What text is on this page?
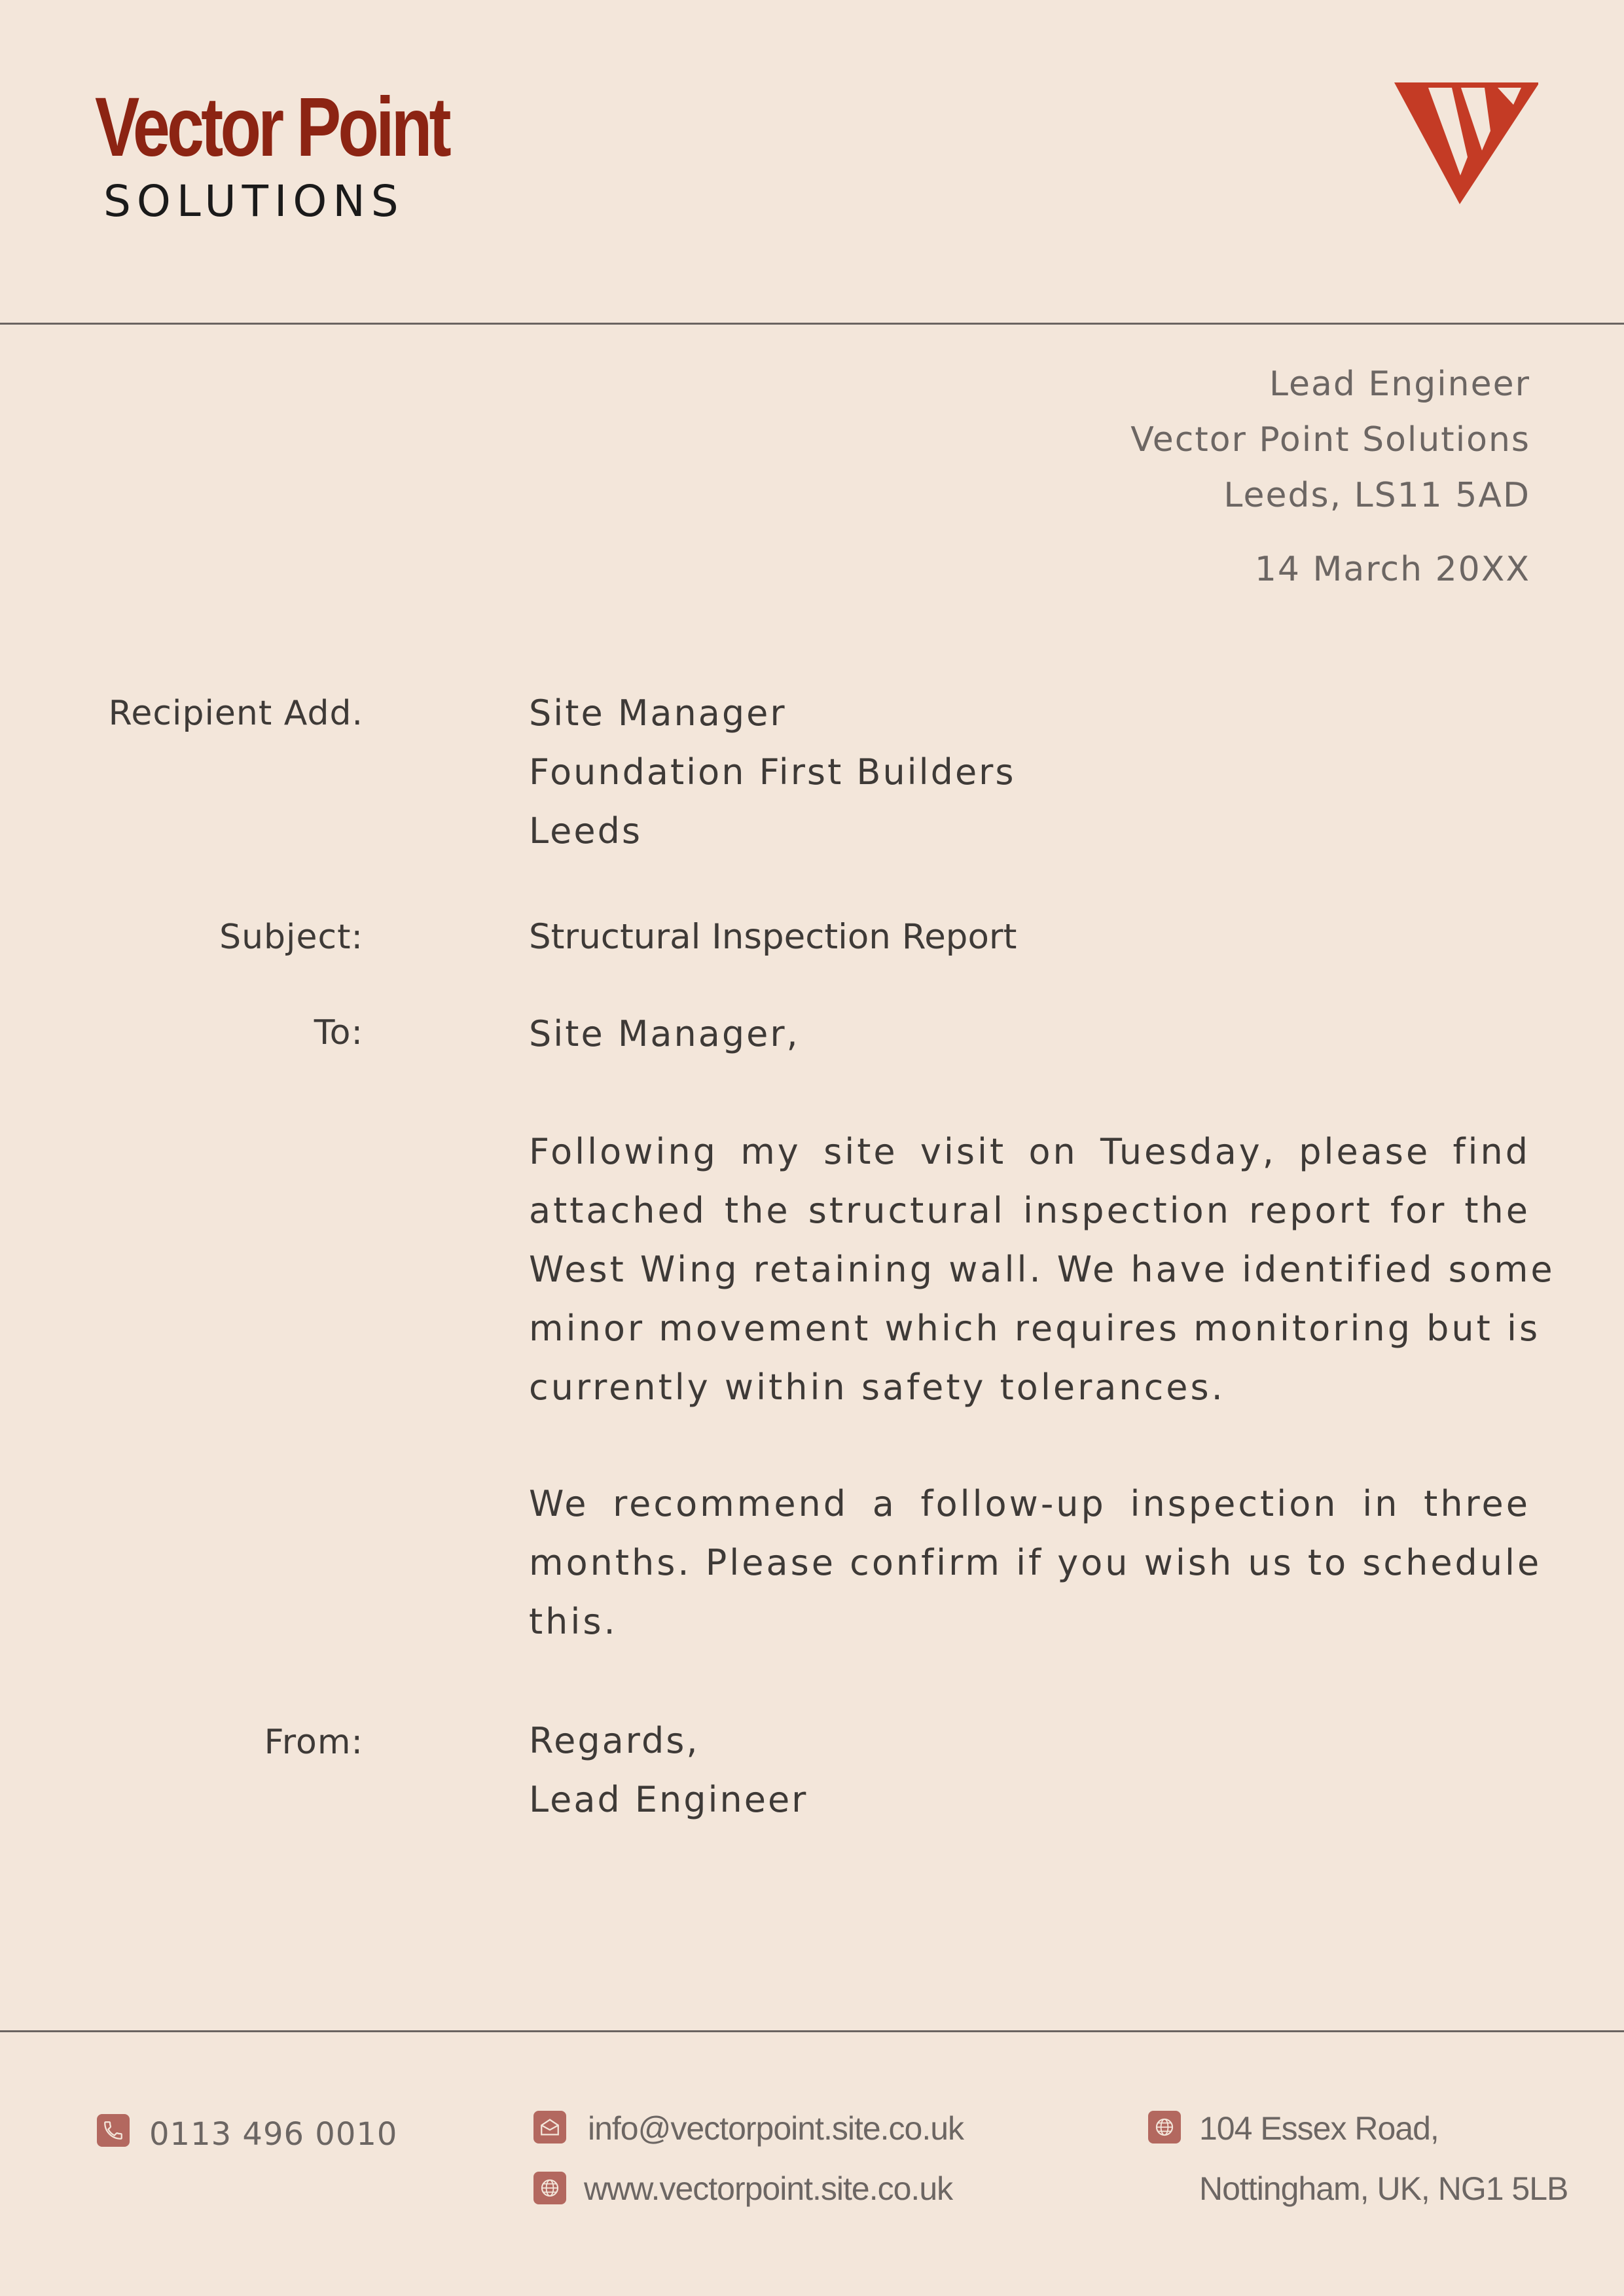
Vector Point
SOLUTIONS
Lead Engineer
Vector Point Solutions
Leeds, LS11 5AD
14 March 20XX
Recipient Add.
Subject:
To:
From:
Site Manager
Foundation First Builders
Leeds
Structural Inspection Report
Site Manager,
Following my site visit on Tuesday, please find
attached the structural inspection report for the
West Wing retaining wall. We have identified some
minor movement which requires monitoring but is
currently within safety tolerances.
We recommend a follow-up inspection in three
months. Please confirm if you wish us to schedule
this.
Regards,
Lead Engineer
0113 496 0010	info@vectorpoint.site.co.uk
www.vectorpoint.site.co.uk
104 Essex Road,
Nottingham, UK, NG1 5LB
